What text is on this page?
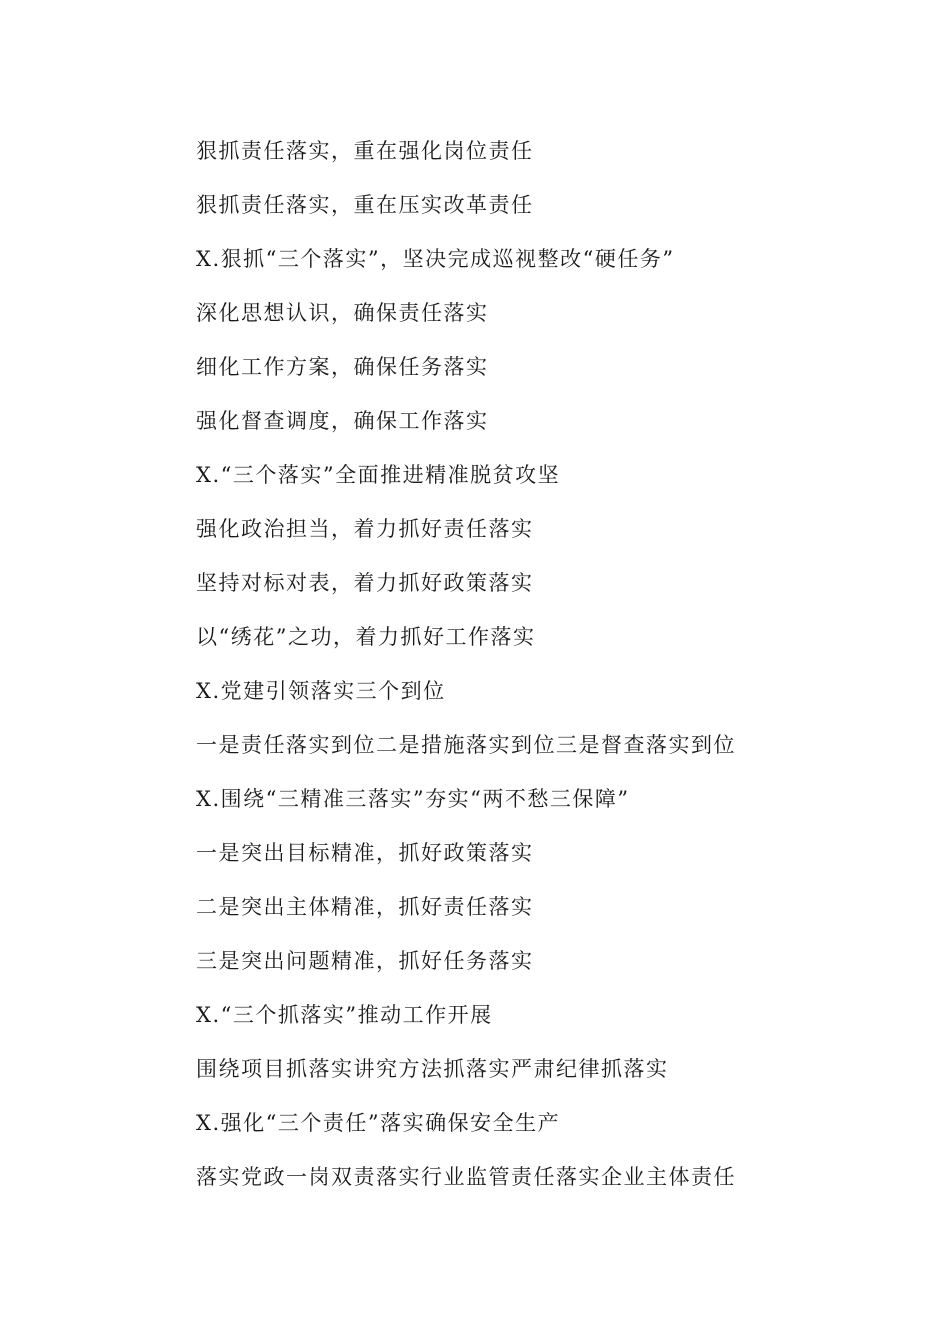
狠抓责任落实，重在强化岗位责任
狠抓责任落实，重在压实改革责任
X.狠抓“三个落实”，坚决完成巡视整改“硬任务”
深化思想认识，确保责任落实
细化工作方案，确保任务落实
强化督查调度，确保工作落实
X.“三个落实”全面推进精准脱贫攻坚
强化政治担当，着力抓好责任落实
坚持对标对表，着力抓好政策落实
以“绣花”之功，着力抓好工作落实
X.党建引领落实三个到位
一是责任落实到位二是措施落实到位三是督查落实到位
X.围绕“三精准三落实”夯实“两不愁三保障”
一是突出目标精准，抓好政策落实
二是突出主体精准，抓好责任落实
三是突出问题精准，抓好任务落实
X.“三个抓落实”推动工作开展
围绕项目抓落实讲究方法抓落实严肃纪律抓落实
X.强化“三个责任”落实确保安全生产
落实党政一岗双责落实行业监管责任落实企业主体责任
